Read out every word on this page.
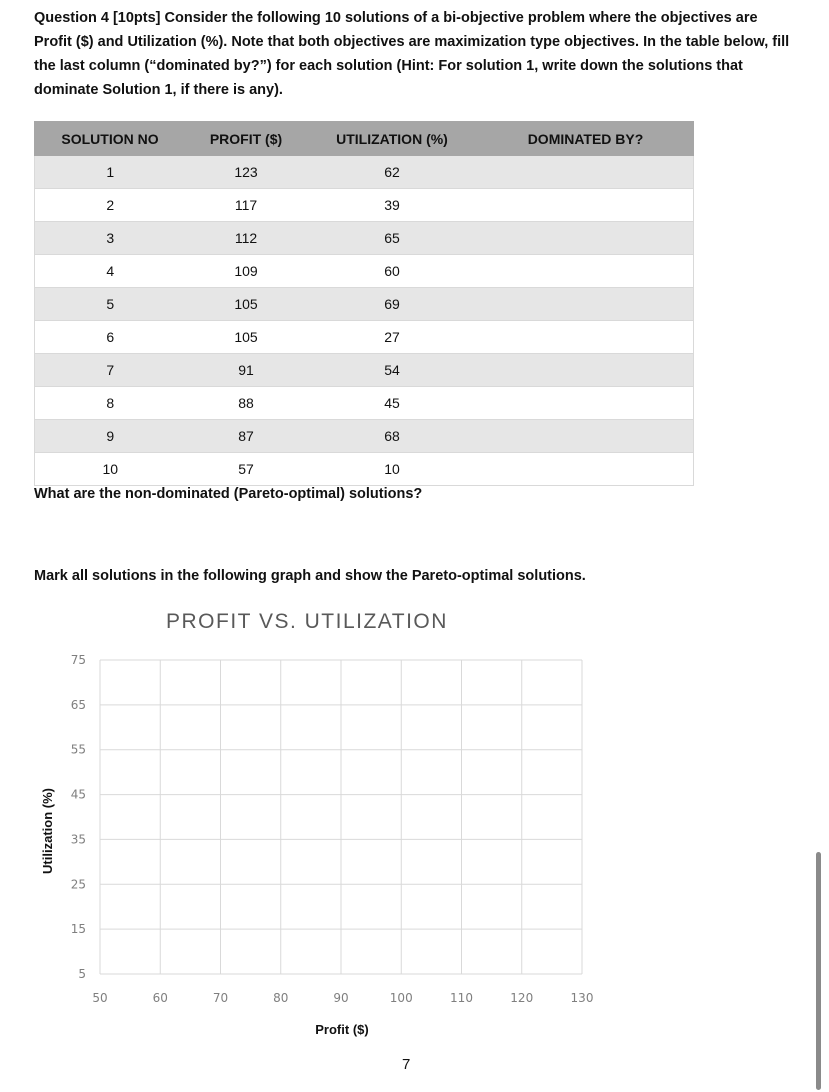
Question 4 [10pts] Consider the following 10 solutions of a bi-objective problem where the objectives are Profit ($) and Utilization (%). Note that both objectives are maximization type objectives. In the table below, fill the last column (“dominated by?”) for each solution (Hint: For solution 1, write down the solutions that dominate Solution 1, if there is any).

SOLUTION NO	PROFIT ($)	UTILIZATION (%)	DOMINATED BY?
1	123	62	
2	117	39	
3	112	65	
4	109	60	
5	105	69	
6	105	27	
7	91	54	
8	88	45	
9	87	68	
10	57	10	

What are the non-dominated (Pareto-optimal) solutions?

Mark all solutions in the following graph and show the Pareto-optimal solutions.

PROFIT VS. UTILIZATION

5
15
25
35
45
55
65
75
50	60	70	80	90	100	110	120	130
Profit ($)
Utilization (%)
7
